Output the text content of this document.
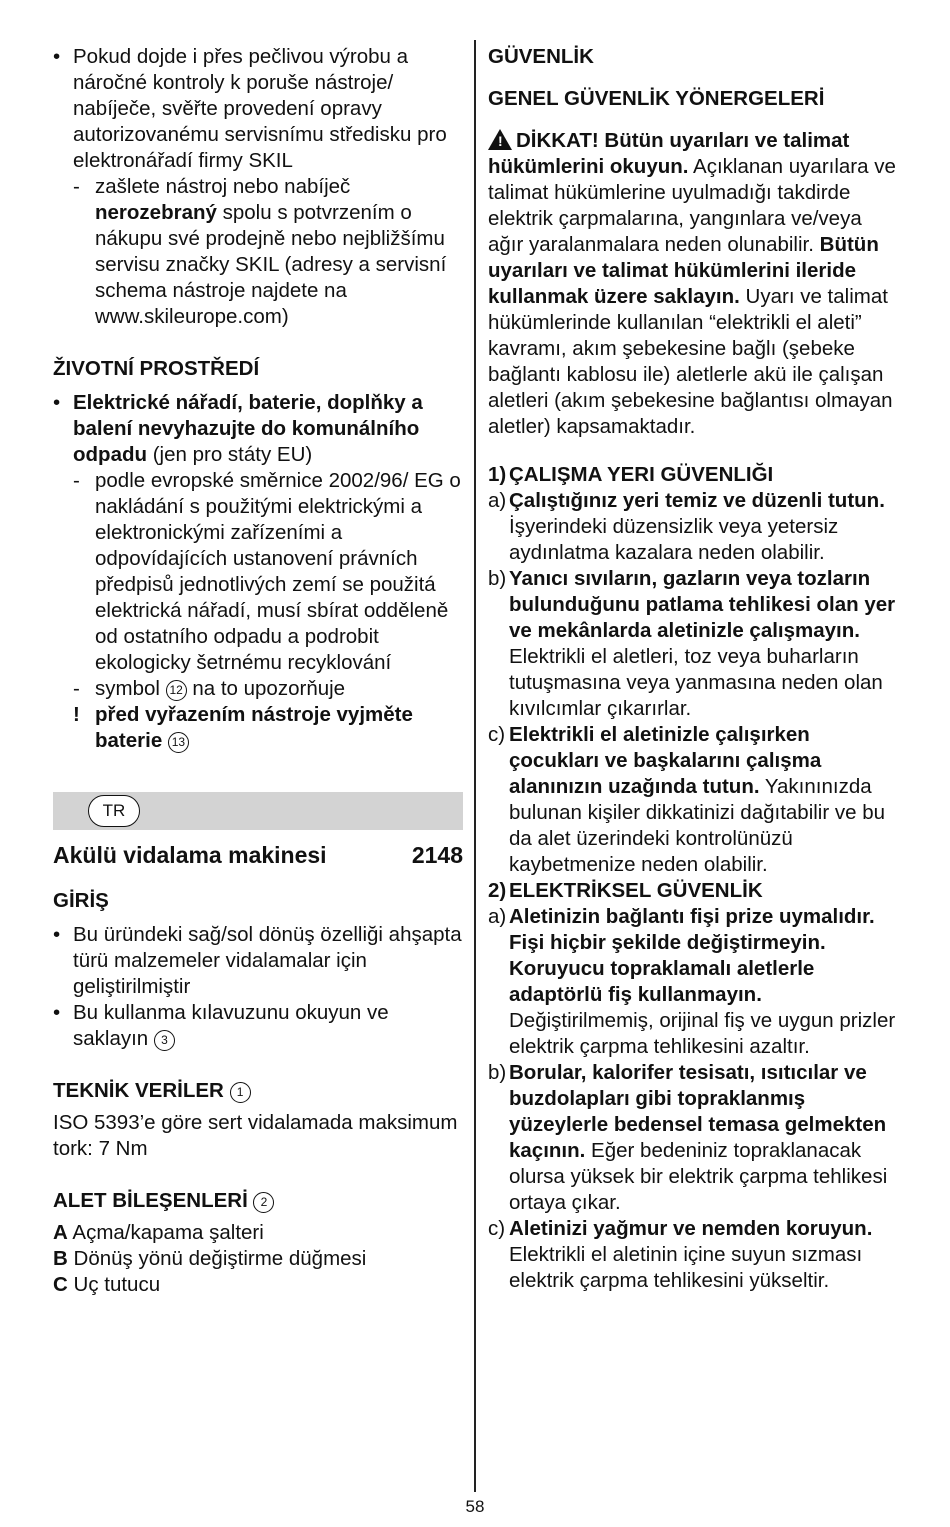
• Pokud dojde i přes pečlivou výrobu a náročné kontroly k poruše nástroje/ nabíječe, svěřte provedení opravy autorizovanému servisnímu středisku pro elektronářadí firmy SKIL

- zašlete nástroj nebo nabíječ nerozebraný spolu s potvrzením o nákupu své prodejně nebo nejbližšímu servisu značky SKIL (adresy a servisní schema nástroje najdete na www.skileurope.com)

ŽIVOTNÍ PROSTŘEDÍ

• Elektrické nářadí, baterie, doplňky a balení nevyhazujte do komunálního odpadu (jen pro státy EU)

- podle evropské směrnice 2002/96/ EG o nakládání s použitými elektrickými a elektronickými zařízeními a odpovídajících ustanovení právních předpisů jednotlivých zemí se použitá elektrická nářadí, musí sbírat odděleně od ostatního odpadu a podrobit ekologicky šetrnému recyklování

- symbol 12 na to upozorňuje

! před vyřazením nástroje vyjměte baterie 13

TR
Akülü vidalama makinesi	2148

GİRİŞ

• Bu üründeki sağ/sol dönüş özelliği ahşapta türü malzemeler vidalamalar için geliştirilmiştir

• Bu kullanma kılavuzunu okuyun ve saklayın 3

TEKNİK VERİLER 1

ISO 5393’e göre sert vidalamada maksimum tork: 7 Nm

ALET BİLEŞENLERİ 2

A Açma/kapama şalteri

B Dönüş yönü değiştirme düğmesi

C Uç tutucu

GÜVENLİK

GENEL GÜVENLİK YÖNERGELERİ

! DİKKAT! Bütün uyarıları ve talimat hükümlerini okuyun. Açıklanan uyarılara ve talimat hükümlerine uyulmadığı takdirde elektrik çarpmalarına, yangınlara ve/veya ağır yaralanmalara neden olunabilir. Bütün uyarıları ve talimat hükümlerini ileride kullanmak üzere saklayın. Uyarı ve talimat hükümlerinde kullanılan “elektrikli el aleti” kavramı, akım şebekesine bağlı (şebeke bağlantı kablosu ile) aletlerle akü ile çalışan aletleri (akım şebekesine bağlantısı olmayan aletler) kapsamaktadır.

1) ÇALIŞMA YERI GÜVENLIĞI

a) Çalıştığınız yeri temiz ve düzenli tutun. İşyerindeki düzensizlik veya yetersiz aydınlatma kazalara neden olabilir.

b) Yanıcı sıvıların, gazların veya tozların bulunduğunu patlama tehlikesi olan yer ve mekânlarda aletinizle çalışmayın. Elektrikli el aletleri, toz veya buharların tutuşmasına veya yanmasına neden olan kıvılcımlar çıkarırlar.

c) Elektrikli el aletinizle çalışırken çocukları ve başkalarını çalışma alanınızın uzağında tutun. Yakınınızda bulunan kişiler dikkatinizi dağıtabilir ve bu da alet üzerindeki kontrolünüzü kaybetmenize neden olabilir.

2) ELEKTRİKSEL GÜVENLİK

a) Aletinizin bağlantı fişi prize uymalıdır. Fişi hiçbir şekilde değiştirmeyin. Koruyucu topraklamalı aletlerle adaptörlü fiş kullanmayın. Değiştirilmemiş, orijinal fiş ve uygun prizler elektrik çarpma tehlikesini azaltır.

b) Borular, kalorifer tesisatı, ısıtıcılar ve buzdolapları gibi topraklanmış yüzeylerle bedensel temasa gelmekten kaçının. Eğer bedeniniz topraklanacak olursa yüksek bir elektrik çarpma tehlikesi ortaya çıkar.

c) Aletinizi yağmur ve nemden koruyun. Elektrikli el aletinin içine suyun sızması elektrik çarpma tehlikesini yükseltir.

58
